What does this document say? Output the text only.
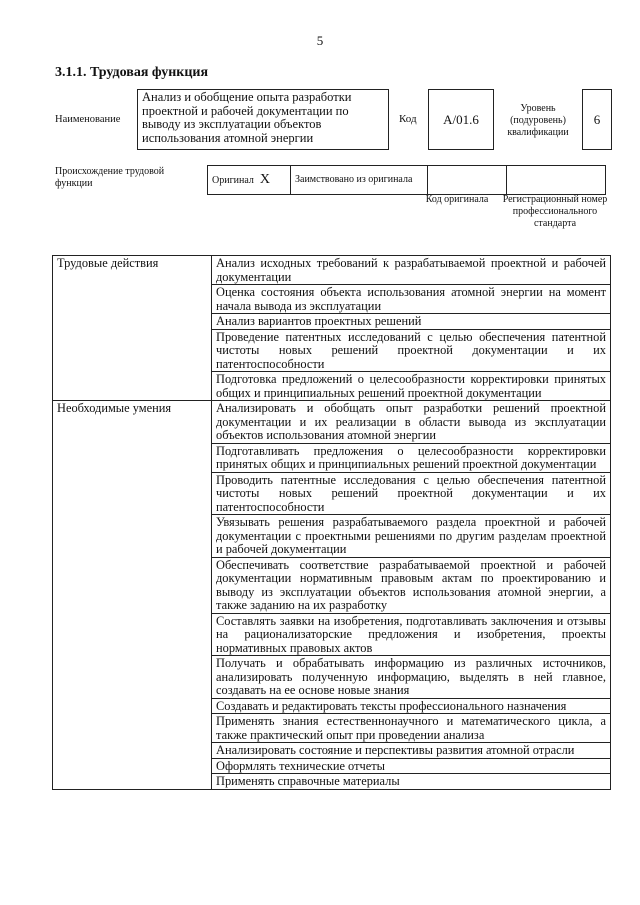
5
3.1.1. Трудовая функция
Наименование
Анализ и обобщение опыта разработки проектной и рабочей документации по выводу из эксплуатации объектов использования атомной энергии
Код	А/01.6
Уровень (подуровень) квалификации
6
Происхождение трудовой функции	Оригинал X	Заимствовано из оригинала		
Код оригинала	Регистрационный номер профессионального стандарта
Трудовые действия	Анализ исходных требований к разрабатываемой проектной и рабочей документации
	Оценка состояния объекта использования атомной энергии на момент начала вывода из эксплуатации
	Анализ вариантов проектных решений
	Проведение патентных исследований с целью обеспечения патентной чистоты новых решений проектной документации и их патентоспособности
	Подготовка предложений о целесообразности корректировки принятых общих и принципиальных решений проектной документации
Необходимые умения	Анализировать и обобщать опыт разработки решений проектной документации и их реализации в области вывода из эксплуатации объектов использования атомной энергии
	Подготавливать предложения о целесообразности корректировки принятых общих и принципиальных решений проектной документации
	Проводить патентные исследования с целью обеспечения патентной чистоты новых решений проектной документации и их патентоспособности
	Увязывать решения разрабатываемого раздела проектной и рабочей документации с проектными решениями по другим разделам проектной и рабочей документации
	Обеспечивать соответствие разрабатываемой проектной и рабочей документации нормативным правовым актам по проектированию и выводу из эксплуатации объектов использования атомной энергии, а также заданию на их разработку
	Составлять заявки на изобретения, подготавливать заключения и отзывы на рационализаторские предложения и изобретения, проекты нормативных правовых актов
	Получать и обрабатывать информацию из различных источников, анализировать полученную информацию, выделять в ней главное, создавать на ее основе новые знания
	Создавать и редактировать тексты профессионального назначения
	Применять знания естественнонаучного и математического цикла, а также практический опыт при проведении анализа
	Анализировать состояние и перспективы развития атомной отрасли
	Оформлять технические отчеты
	Применять справочные материалы
